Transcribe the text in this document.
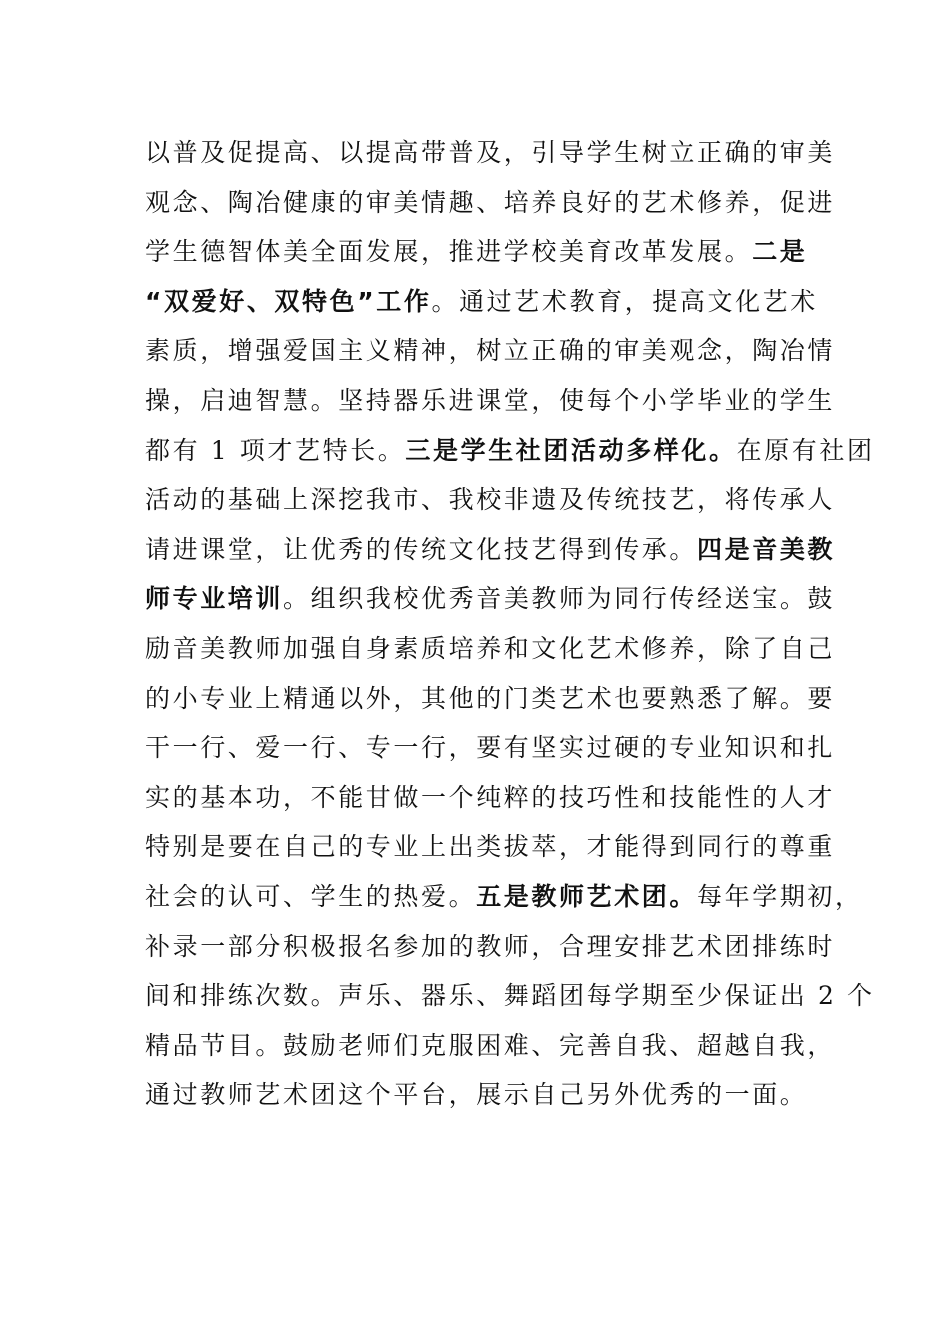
以普及促提高、以提高带普及，引导学生树立正确的审美
观念、陶冶健康的审美情趣、培养良好的艺术修养，促进
学生德智体美全面发展，推进学校美育改革发展。二是
“双爱好、双特色”工作。通过艺术教育，提高文化艺术
素质，增强爱国主义精神，树立正确的审美观念，陶冶情
操，启迪智慧。坚持器乐进课堂，使每个小学毕业的学生
都有 1 项才艺特长。三是学生社团活动多样化。在原有社团
活动的基础上深挖我市、我校非遗及传统技艺，将传承人
请进课堂，让优秀的传统文化技艺得到传承。四是音美教
师专业培训。组织我校优秀音美教师为同行传经送宝。鼓
励音美教师加强自身素质培养和文化艺术修养，除了自己
的小专业上精通以外，其他的门类艺术也要熟悉了解。要
干一行、爱一行、专一行，要有坚实过硬的专业知识和扎
实的基本功，不能甘做一个纯粹的技巧性和技能性的人才
特别是要在自己的专业上出类拔萃，才能得到同行的尊重
社会的认可、学生的热爱。五是教师艺术团。每年学期初，
补录一部分积极报名参加的教师，合理安排艺术团排练时
间和排练次数。声乐、器乐、舞蹈团每学期至少保证出 2 个
精品节目。鼓励老师们克服困难、完善自我、超越自我，
通过教师艺术团这个平台，展示自己另外优秀的一面。
